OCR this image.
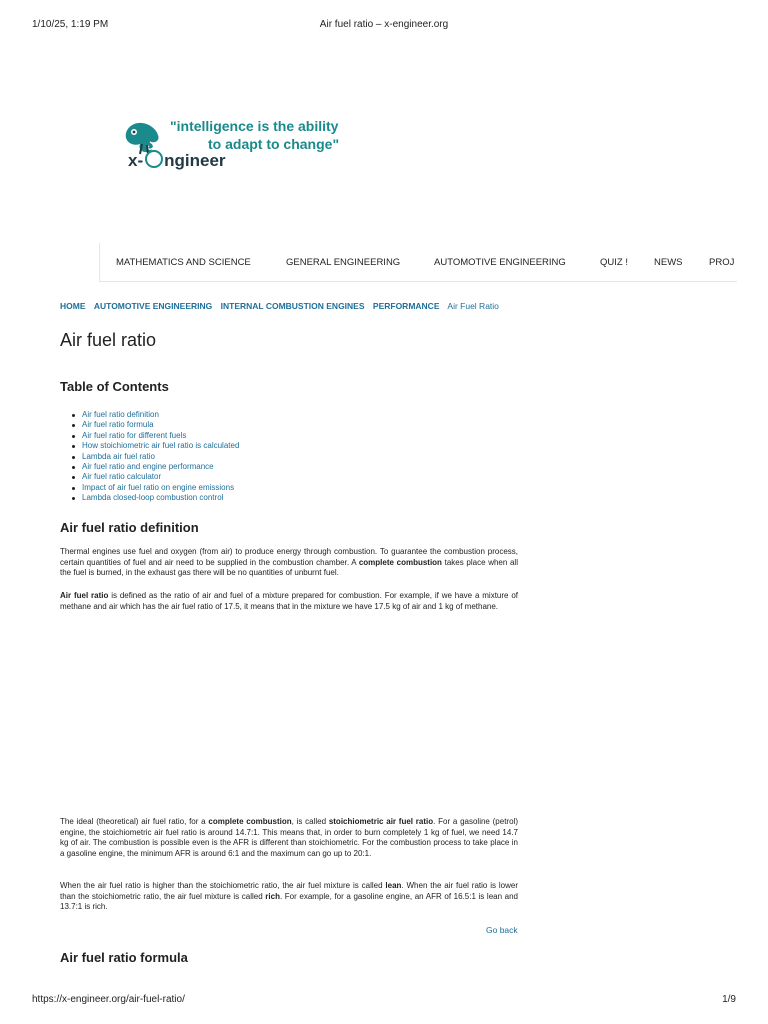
1/10/25, 1:19 PM	Air fuel ratio – x-engineer.org
"intelligence is the ability
to adapt to change"
x- ngineer
MATHEMATICS AND SCIENCE	GENERAL ENGINEERING	AUTOMOTIVE ENGINEERING	QUIZ !	NEWS	PROJ
HOME AUTOMOTIVE ENGINEERING INTERNAL COMBUSTION ENGINES PERFORMANCE Air Fuel Ratio
Air fuel ratio
Table of Contents
Air fuel ratio definition
Air fuel ratio formula
Air fuel ratio for different fuels
How stoichiometric air fuel ratio is calculated
Lambda air fuel ratio
Air fuel ratio and engine performance
Air fuel ratio calculator
Impact of air fuel ratio on engine emissions
Lambda closed-loop combustion control
Air fuel ratio definition

Thermal engines use fuel and oxygen (from air) to produce energy through combustion. To guarantee the combustion process, certain quantities of fuel and air need to be supplied in the combustion chamber. A complete combustion takes place when all the fuel is burned, in the exhaust gas there will be no quantities of unburnt fuel.

Air fuel ratio is defined as the ratio of air and fuel of a mixture prepared for combustion. For example, if we have a mixture of methane and air which has the air fuel ratio of 17.5, it means that in the mixture we have 17.5 kg of air and 1 kg of methane.

The ideal (theoretical) air fuel ratio, for a complete combustion, is called stoichiometric air fuel ratio. For a gasoline (petrol) engine, the stoichiometric air fuel ratio is around 14.7:1. This means that, in order to burn completely 1 kg of fuel, we need 14.7 kg of air. The combustion is possible even is the AFR is different than stoichiometric. For the combustion process to take place in a gasoline engine, the minimum AFR is around 6:1 and the maximum can go up to 20:1.

When the air fuel ratio is higher than the stoichiometric ratio, the air fuel mixture is called lean. When the air fuel ratio is lower than the stoichiometric ratio, the air fuel mixture is called rich. For example, for a gasoline engine, an AFR of 16.5:1 is lean and 13.7:1 is rich.

Go back
Air fuel ratio formula
https://x-engineer.org/air-fuel-ratio/	1/9
